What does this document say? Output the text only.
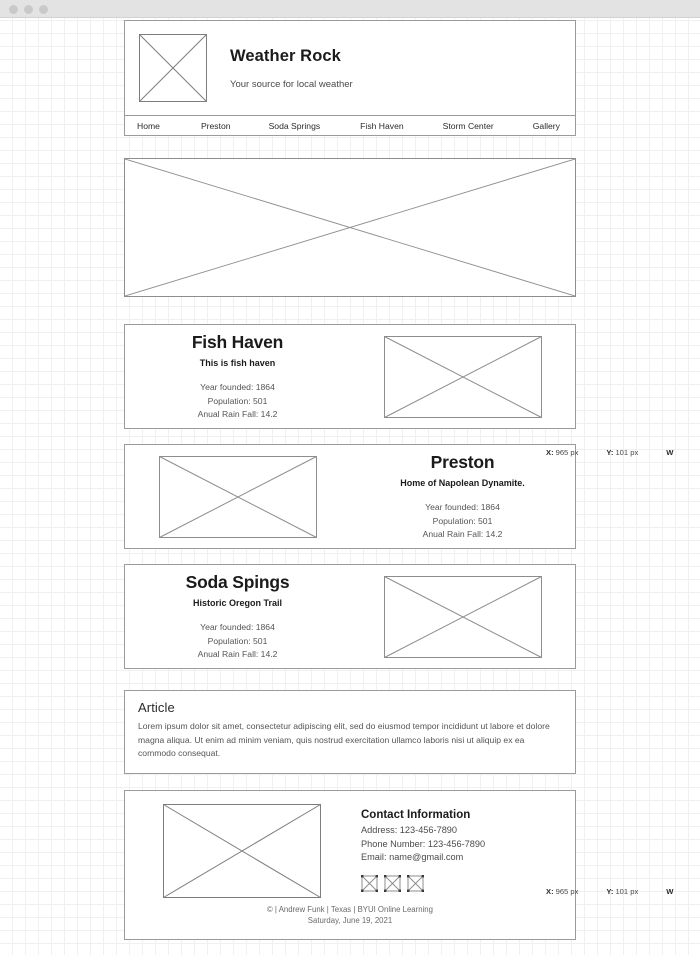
Weather Rock
Your source for local weather
Home	Preston	Soda Springs	Fish Haven	Storm Center	Gallery
Fish Haven
This is fish haven
Year founded: 1864
Population: 501
Anual Rain Fall: 14.2
Preston
Home of Napolean Dynamite.
Year founded: 1864
Population: 501
Anual Rain Fall: 14.2
Soda Spings
Historic Oregon Trail
Year founded: 1864
Population: 501
Anual Rain Fall: 14.2
Article
Lorem ipsum dolor sit amet, consectetur adipiscing elit, sed do eiusmod tempor incididunt ut labore et dolore magna aliqua. Ut enim ad minim veniam, quis nostrud exercitation ullamco laboris nisi ut aliquip ex ea commodo consequat.
Contact Information
Address: 123-456-7890
Phone Number: 123-456-7890
Email: name@gmail.com
© | Andrew Funk | Texas | BYUI Online Learning
Saturday, June 19, 2021
X: 965 px	Y: 101 px	W
X: 965 px	Y: 101 px	W
